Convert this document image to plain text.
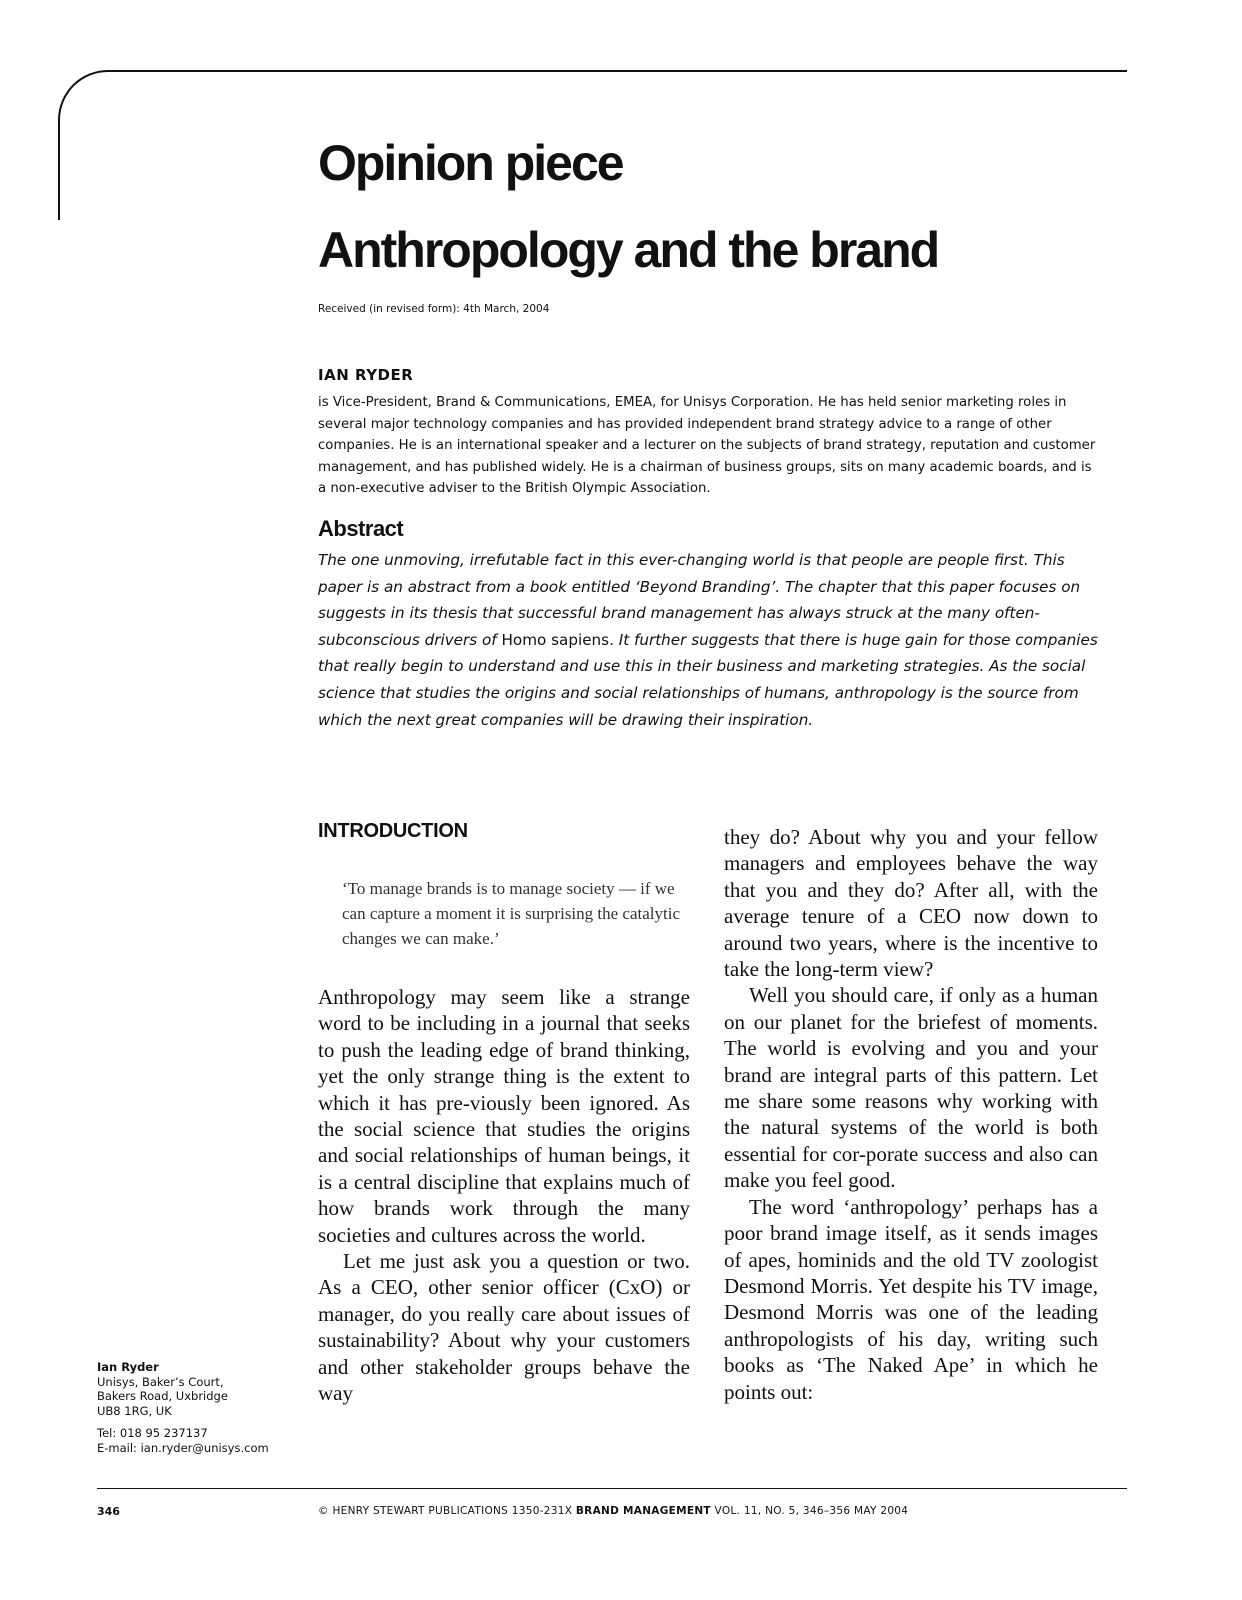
Opinion piece
Anthropology and the brand
Received (in revised form): 4th March, 2004
IAN RYDER

is Vice-President, Brand & Communications, EMEA, for Unisys Corporation. He has held senior marketing roles in several major technology companies and has provided independent brand strategy advice to a range of other companies. He is an international speaker and a lecturer on the subjects of brand strategy, reputation and customer management, and has published widely. He is a chairman of business groups, sits on many academic boards, and is a non-executive adviser to the British Olympic Association.

Abstract

The one unmoving, irrefutable fact in this ever-changing world is that people are people first. This paper is an abstract from a book entitled ‘Beyond Branding’. The chapter that this paper focuses on suggests in its thesis that successful brand management has always struck at the many often-subconscious drivers of Homo sapiens. It further suggests that there is huge gain for those companies that really begin to understand and use this in their business and marketing strategies. As the social science that studies the origins and social relationships of humans, anthropology is the source from which the next great companies will be drawing their inspiration.

INTRODUCTION

‘To manage brands is to manage society — if we can capture a moment it is surprising the catalytic changes we can make.’

Anthropology may seem like a strange word to be including in a journal that seeks to push the leading edge of brand thinking, yet the only strange thing is the extent to which it has pre-viously been ignored. As the social science that studies the origins and social relationships of human beings, it is a central discipline that explains much of how brands work through the many societies and cultures across the world.

Let me just ask you a question or two. As a CEO, other senior officer (CxO) or manager, do you really care about issues of sustainability? About why your customers and other stakeholder groups behave the way

they do? About why you and your fellow managers and employees behave the way that you and they do? After all, with the average tenure of a CEO now down to around two years, where is the incentive to take the long-term view?

Well you should care, if only as a human on our planet for the briefest of moments. The world is evolving and you and your brand are integral parts of this pattern. Let me share some reasons why working with the natural systems of the world is both essential for cor-porate success and also can make you feel good.

The word ‘anthropology’ perhaps has a poor brand image itself, as it sends images of apes, hominids and the old TV zoologist Desmond Morris. Yet despite his TV image, Desmond Morris was one of the leading anthropologists of his day, writing such books as ‘The Naked Ape’ in which he points out:

Ian Ryder
Unisys, Baker’s Court,
Bakers Road, Uxbridge
UB8 1RG, UK
Tel: 018 95 237137
E-mail: ian.ryder@unisys.com
346	© HENRY STEWART PUBLICATIONS 1350-231X BRAND MANAGEMENT VOL. 11, NO. 5, 346–356 MAY 2004
